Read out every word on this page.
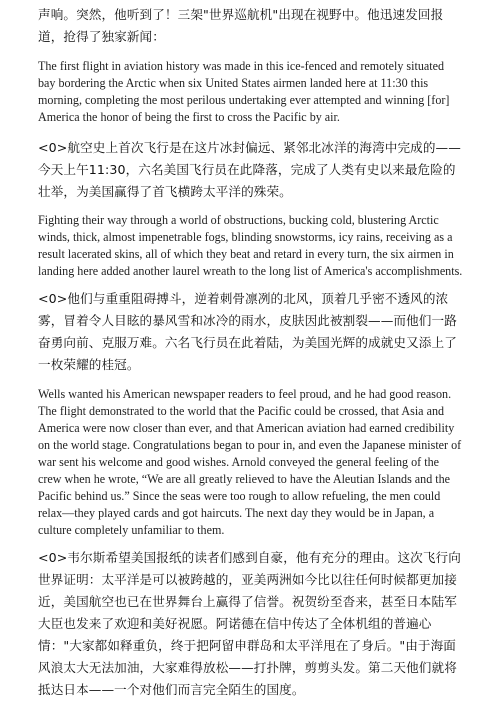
声响。突然，他听到了！三架"世界巡航机"出现在视野中。他迅速发回报道，抢得了独家新闻：

The first flight in aviation history was made in this ice-fenced and remotely situated bay bordering the Arctic when six United States airmen landed here at 11:30 this morning, completing the most perilous undertaking ever attempted and winning [for] America the honor of being the first to cross the Pacific by air.

<0>航空史上首次飞行是在这片冰封偏远、紧邻北冰洋的海湾中完成的——今天上午11:30，六名美国飞行员在此降落，完成了人类有史以来最危险的壮举，为美国赢得了首飞横跨太平洋的殊荣。

Fighting their way through a world of obstructions, bucking cold, blustering Arctic winds, thick, almost impenetrable fogs, blinding snowstorms, icy rains, receiving as a result lacerated skins, all of which they beat and retard in every turn, the six airmen in landing here added another laurel wreath to the long list of America's accomplishments.

<0>他们与重重阻碍搏斗，逆着刺骨凛冽的北风，顶着几乎密不透风的浓雾，冒着令人目眩的暴风雪和冰冷的雨水，皮肤因此被割裂——而他们一路奋勇向前、克服万难。六名飞行员在此着陆，为美国光辉的成就史又添上了一枚荣耀的桂冠。

Wells wanted his American newspaper readers to feel proud, and he had good reason. The flight demonstrated to the world that the Pacific could be crossed, that Asia and America were now closer than ever, and that American aviation had earned credibility on the world stage. Congratulations began to pour in, and even the Japanese minister of war sent his welcome and good wishes. Arnold conveyed the general feeling of the crew when he wrote, “We are all greatly relieved to have the Aleutian Islands and the Pacific behind us.” Since the seas were too rough to allow refueling, the men could relax—they played cards and got haircuts. The next day they would be in Japan, a culture completely unfamiliar to them.

<0>韦尔斯希望美国报纸的读者们感到自豪，他有充分的理由。这次飞行向世界证明：太平洋是可以被跨越的，亚美两洲如今比以往任何时候都更加接近，美国航空也已在世界舞台上赢得了信誉。祝贺纷至沓来，甚至日本陆军大臣也发来了欢迎和美好祝愿。阿诺德在信中传达了全体机组的普遍心情："大家都如释重负，终于把阿留申群岛和太平洋甩在了身后。"由于海面风浪太大无法加油，大家难得放松——打扑牌，剪剪头发。第二天他们就将抵达日本——一个对他们而言完全陌生的国度。
